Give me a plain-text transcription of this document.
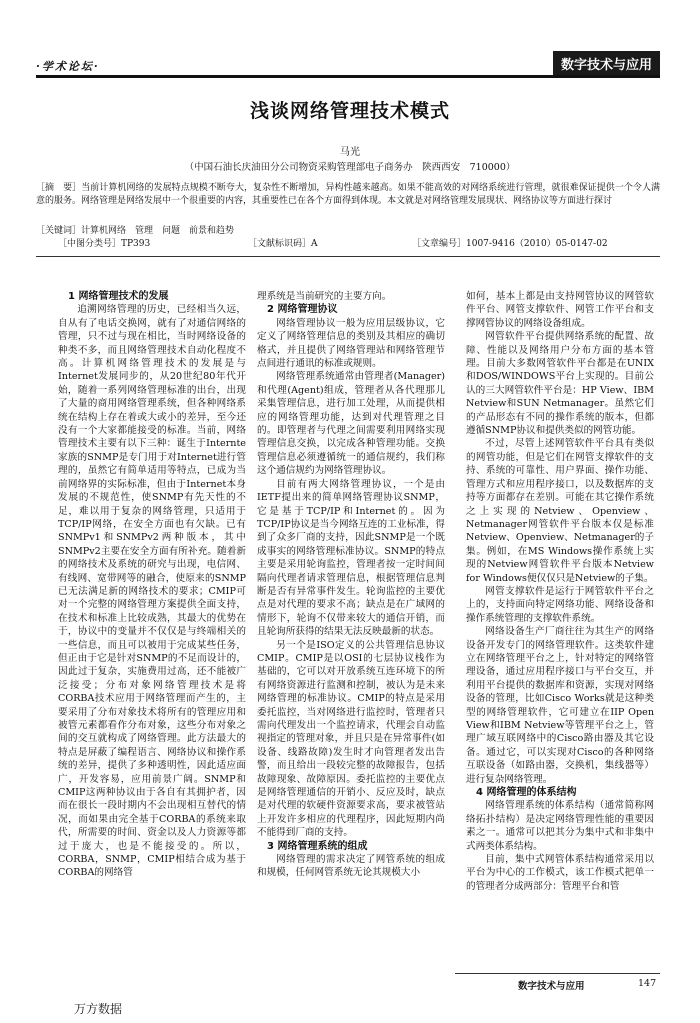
·学术论坛·	数字技术与应用
浅谈网络管理技术模式
马光
（中国石油长庆油田分公司物资采购管理部电子商务办　陕西西安　710000）
［摘　要］当前计算机网络的发展特点规模不断夸大，复杂性不断增加，异构性越来越高。如果不能高效的对网络系统进行管理，就很难保证提供一个令人满意的服务。网络管理是网络发展中一个很重要的内容，其重要性已在各个方面得到体现。本文就是对网络管理发展现状、网络协议等方面进行探讨
［关键词］计算机网络　管理　问题　前景和趋势
［中图分类号］TP393	［文献标识码］A	［文章编号］1007-9416（2010）05-0147-02
1 网络管理技术的发展

追溯网络管理的历史，已经相当久远，自从有了电话交换网，就有了对通信网络的管理，只不过与现在相比，当时网络设备的种类不多，而且网络管理技术自动化程度不高。计算机网络管理技术的发展是与Internet发展同步的，从20世纪80年代开始，随着一系列网络管理标准的出台，出现了大量的商用网络管理系统，但各种网络系统在结构上存在着或大或小的差异，至今还没有一个大家都能接受的标准。当前，网络管理技术主要有以下三种：诞生于Internte家族的SNMP是专门用于对Internet进行管理的，虽然它有简单适用等特点，已成为当前网络界的实际标准，但由于Internet本身发展的不规范性，使SNMP有先天性的不足，难以用于复杂的网络管理，只适用于TCP/IP网络，在安全方面也有欠缺。已有SNMPv1和SNMPv2两种版本，其中SNMPv2主要在安全方面有所补充。随着新的网络技术及系统的研究与出现，电信网、有线网、宽带网等的融合，使原来的SNMP已无法满足新的网络技术的要求；CMIP可对一个完整的网络管理方案提供全面支持，在技术和标准上比较成熟，其最大的优势在于，协议中的变量并不仅仅是与终端相关的一些信息，而且可以被用于完成某些任务，但正由于它是针对SNMP的不足而设计的，因此过于复杂，实施费用过高，还不能被广泛接受；分布对象网络管理技术是将CORBA技术应用于网络管理而产生的，主要采用了分布对象技术将所有的管理应用和被管元素都看作分布对象，这些分布对象之间的交互就构成了网络管理。此方法最大的特点是屏蔽了编程语言、网络协议和操作系统的差异，提供了多种透明性，因此适应面广，开发容易，应用前景广阔。SNMP和CMIP这两种协议由于各自有其拥护者，因而在很长一段时期内不会出现相互替代的情况，而如果由完全基于CORBA的系统来取代，所需要的时间、资金以及人力资源等都过于庞大，也是不能接受的。所以，CORBA，SNMP，CMIP相结合成为基于CORBA的网络管

理系统是当前研究的主要方向。

2 网络管理协议

网络管理协议一般为应用层级协议，它定义了网络管理信息的类别及其相应的确切格式，并且提供了网络管理站和网络管理节点间进行通讯的标准或规则。

网络管理系统通常由管理者(Manager)和代理(Agent)组成，管理者从各代理那儿采集管理信息，进行加工处理，从而提供相应的网络管理功能，达到对代理管理之目的。即管理者与代理之间需要利用网络实现管理信息交换，以完成各种管理功能。交换管理信息必须遵循统一的通信规约，我们称这个通信规约为网络管理协议。

目前有两大网络管理协议，一个是由IETF提出来的简单网络管理协议SNMP，它是基于TCP/IP和Internet的。因为TCP/IP协议是当今网络互连的工业标准，得到了众多厂商的支持，因此SNMP是一个既成事实的网络管理标准协议。SNMP的特点主要是采用轮询监控，管理者按一定时间间隔向代理者请求管理信息，根据管理信息判断是否有异常事件发生。轮询监控的主要优点是对代理的要求不高；缺点是在广域网的情形下，轮询不仅带来较大的通信开销，而且轮询所获得的结果无法反映最新的状态。

另一个是ISO定义的公共管理信息协议CMIP。CMIP是以OSI的七层协议栈作为基础的，它可以对开放系统互连环境下的所有网络资源进行监测和控制，被认为是未来网络管理的标准协议。CMIP的特点是采用委托监控，当对网络进行监控时，管理者只需向代理发出一个监控请求，代理会自动监视指定的管理对象，并且只是在异常事件(如设备、线路故障)发生时才向管理者发出告警，而且给出一段较完整的故障报告，包括故障现象、故障原因。委托监控的主要优点是网络管理通信的开销小、反应及时，缺点是对代理的软硬件资源要求高，要求被管站上开发许多相应的代理程序，因此短期内尚不能得到厂商的支持。

3 网络管理系统的组成

网络管理的需求决定了网管系统的组成和规模，任何网管系统无论其规模大小

如何，基本上都是由支持网管协议的网管软件平台、网管支撑软件、网管工作平台和支撑网管协议的网络设备组成。

网管软件平台提供网络系统的配置、故障、性能以及网络用户分布方面的基本管理。目前大多数网管软件平台都是在UNIX和DOS/WINDOWS平台上实现的。目前公认的三大网管软件平台是：HP View、IBM Netview和SUN Netmanager。虽然它们的产品形态有不同的操作系统的版本，但都遵循SNMP协议和提供类似的网管功能。

不过，尽管上述网管软件平台具有类似的网管功能，但是它们在网管支撑软件的支持、系统的可靠性、用户界面、操作功能、管理方式和应用程序接口，以及数据库的支持等方面都存在差别。可能在其它操作系统之上实现的Netview、Openview、Netmanager网管软件平台版本仅是标准Netview、Openview、Netmanager的子集。例如，在MS Windows操作系统上实现的Netview网管软件平台版本Netview for Windows便仅仅只是Netview的子集。

网管支撑软件是运行于网管软件平台之上的，支持面向特定网络功能、网络设备和操作系统管理的支撑软件系统。

网络设备生产厂商往往为其生产的网络设备开发专门的网络管理软件。这类软件建立在网络管理平台之上，针对特定的网络管理设备，通过应用程序接口与平台交互，并利用平台提供的数据库和资源，实现对网络设备的管理，比如Cisco Works就是这种类型的网络管理软件，它可建立在IIP Open View和IBM Netview等管理平台之上，管理广域互联网络中的Cisco路由器及其它设备。通过它，可以实现对Cisco的各种网络互联设备（如路由器，交换机，集线器等）进行复杂网络管理。

4 网络管理的体系结构

网络管理系统的体系结构（通常简称网络拓扑结构）是决定网络管理性能的重要因素之一。通常可以把其分为集中式和非集中式两类体系结构。

目前，集中式网管体系结构通常采用以平台为中心的工作模式，该工作模式把单一的管理者分成两部分：管理平台和管

数字技术与应用	147
万方数据
